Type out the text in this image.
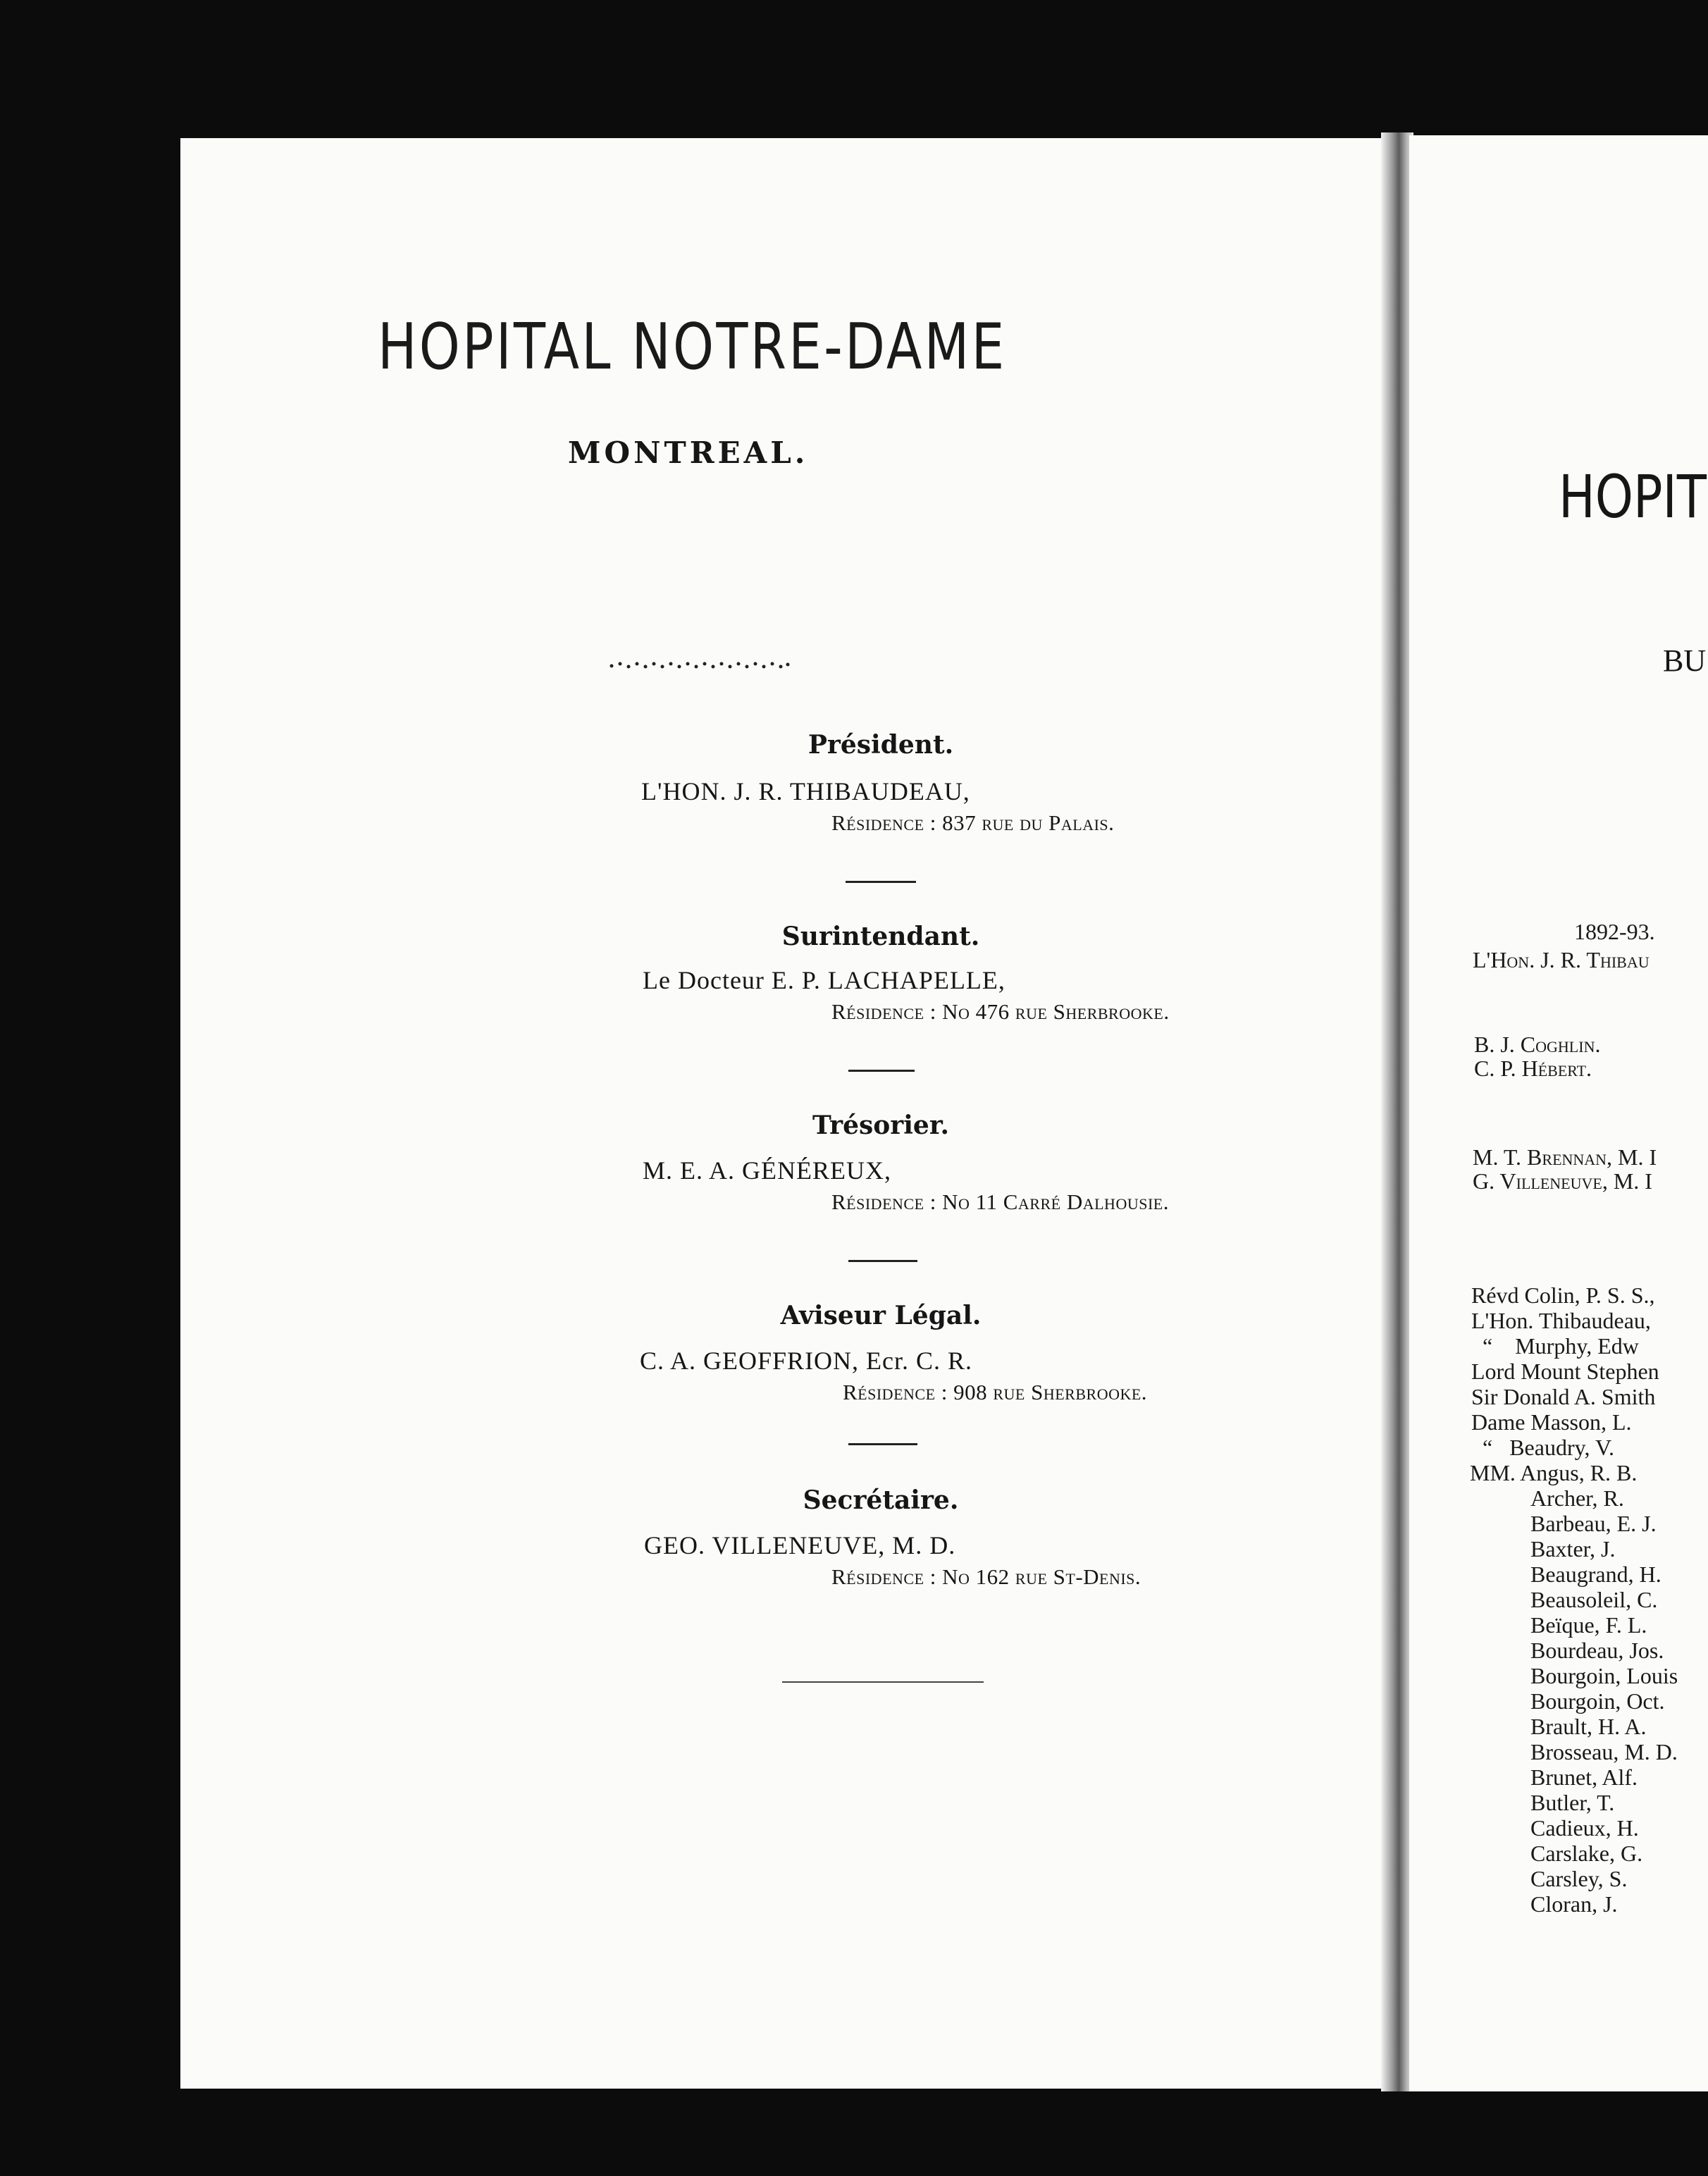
HOPIT
BU
1892-93.
L'Hon. J. R. Thibau
B. J. Coghlin.
C. P. Hébert.
M. T. Brennan, M. I
G. Villeneuve, M. I
Révd Colin, P. S. S.,
L'Hon. Thibaudeau,
“    Murphy, Edw
Lord Mount Stephen
Sir Donald A. Smith
Dame Masson, L.
“   Beaudry, V.
MM. Angus, R. B.
Archer, R.
Barbeau, E. J.
Baxter, J.
Beaugrand, H.
Beausoleil, C.
Beïque, F. L.
Bourdeau, Jos.
Bourgoin, Louis
Bourgoin, Oct.
Brault, H. A.
Brosseau, M. D.
Brunet, Alf.
Butler, T.
Cadieux, H.
Carslake, G.
Carsley, S.
Cloran, J.
HOPITAL NOTRE-DAME
MONTREAL.
Président.
L'HON. J. R. THIBAUDEAU,
Résidence : 837 rue du Palais.
Surintendant.
Le Docteur E. P. LACHAPELLE,
Résidence : No 476 rue Sherbrooke.
Trésorier.
M. E. A. GÉNÉREUX,
Résidence : No 11 Carré Dalhousie.
Aviseur Légal.
C. A. GEOFFRION, Ecr. C. R.
Résidence : 908 rue Sherbrooke.
Secrétaire.
GEO. VILLENEUVE, M. D.
Résidence : No 162 rue St-Denis.
